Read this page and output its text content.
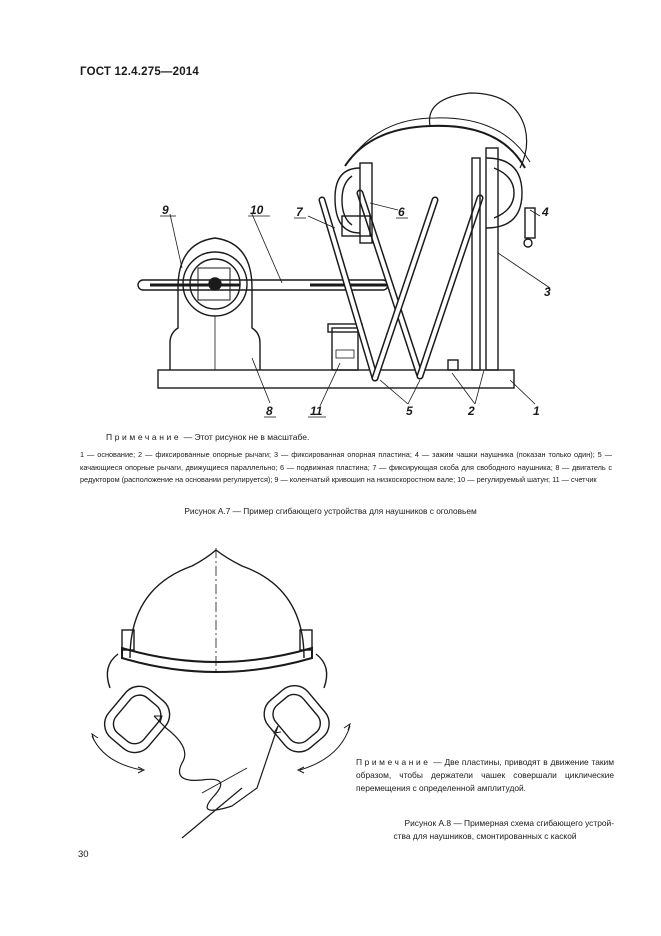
ГОСТ 12.4.275—2014
9	10	7	6	4
3
8	11	5	2	1
Примечание — Этот рисунок не в масштабе.
1 — основание; 2 — фиксированные опорные рычаги; 3 — фиксированная опорная пластина; 4 — зажим чашки наушника (показан только один); 5 — качающиеся опорные рычаги, движущиеся параллельно; 6 — подвижная пластина; 7 — фиксирующая скоба для свободного наушника; 8 — двигатель с редуктором (расположение на основании регулируется); 9 — коленчатый кривошип на низкоскоростном валe; 10 — регулируемый шатун; 11 — счетчик
Рисунок А.7 — Пример сгибающего устройства для наушников с оголовьем
Примечание — Две пластины, приводят в движение таким образом, чтобы держатели чашек совершали циклические перемещения с определенной амплитудой.
Рисунок А.8 — Примерная схема сгибающего устрой-
ства для наушников, смонтированных с каской
30
